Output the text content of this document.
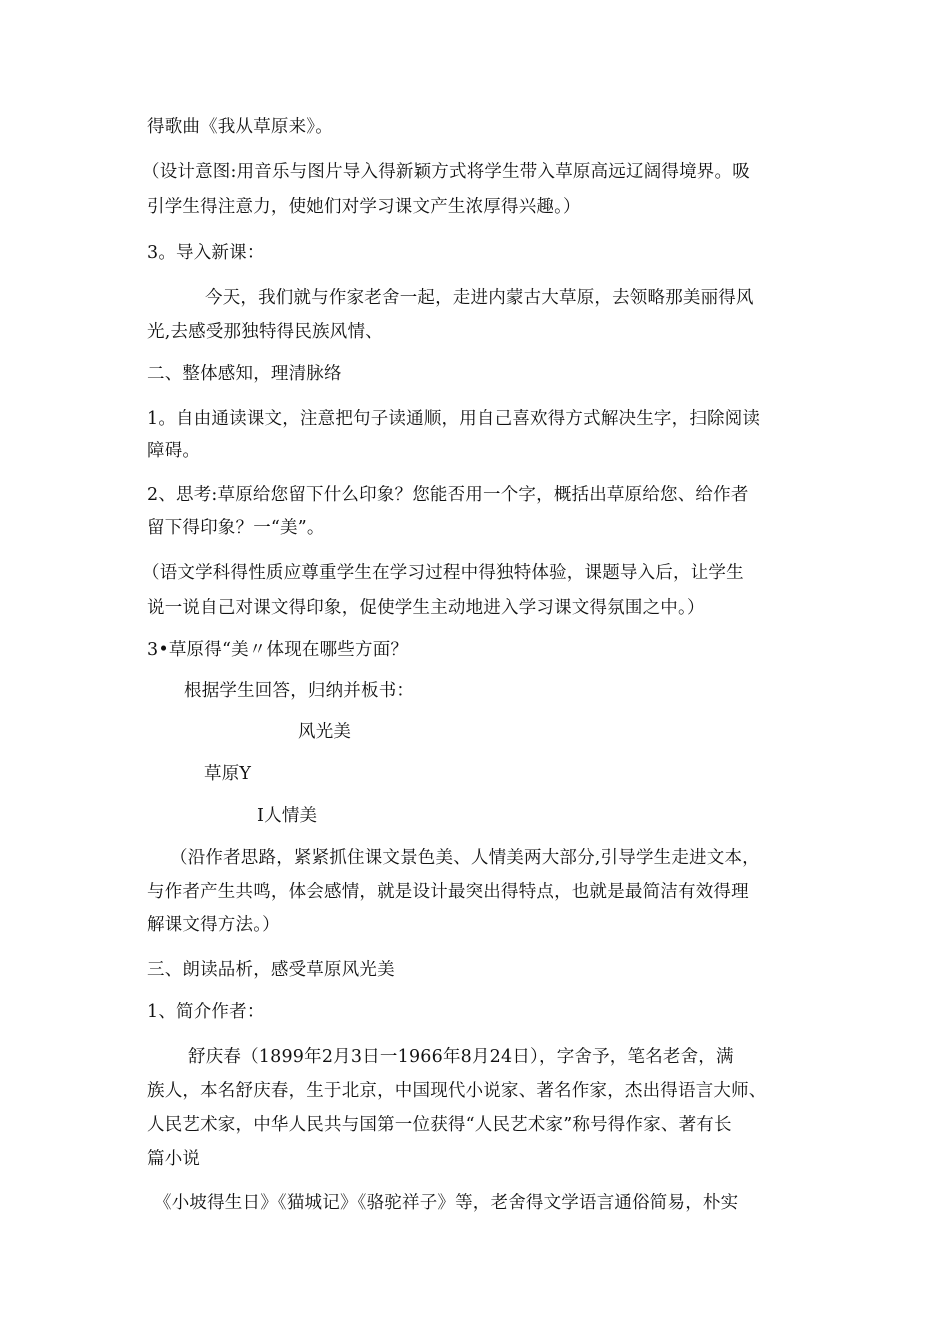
得歌曲《我从草原来》。
（设计意图:用音乐与图片导入得新颖方式将学生带入草原高远辽阔得境界。吸
引学生得注意力，使她们对学习课文产生浓厚得兴趣。）
3。导入新课：
今天，我们就与作家老舍一起，走进内蒙古大草原，去领略那美丽得风
光,去感受那独特得民族风情、
二、整体感知，理清脉络
1。自由通读课文，注意把句子读通顺，用自己喜欢得方式解决生字，扫除阅读
障碍。
2、思考:草原给您留下什么印象？您能否用一个字，概括出草原给您、给作者
留下得印象？一“美”。
（语文学科得性质应尊重学生在学习过程中得独特体验，课题导入后，让学生
说一说自己对课文得印象，促使学生主动地进入学习课文得氛围之中。）
3•草原得“美〃体现在哪些方面？
根据学生回答，归纳并板书：
风光美
草原Y
I人情美
（沿作者思路，紧紧抓住课文景色美、人情美两大部分,引导学生走进文本，
与作者产生共鸣，体会感情，就是设计最突出得特点，也就是最简洁有效得理
解课文得方法。）
三、朗读品析，感受草原风光美
1、简介作者：
舒庆春（1899年2月3日一1966年8月24日），字舍予，笔名老舍，满
族人，本名舒庆春，生于北京，中国现代小说家、著名作家，杰出得语言大师、
人民艺术家，中华人民共与国第一位获得“人民艺术家”称号得作家、著有长
篇小说
《小坡得生日》《猫城记》《骆驼祥子》等，老舍得文学语言通俗简易，朴实
